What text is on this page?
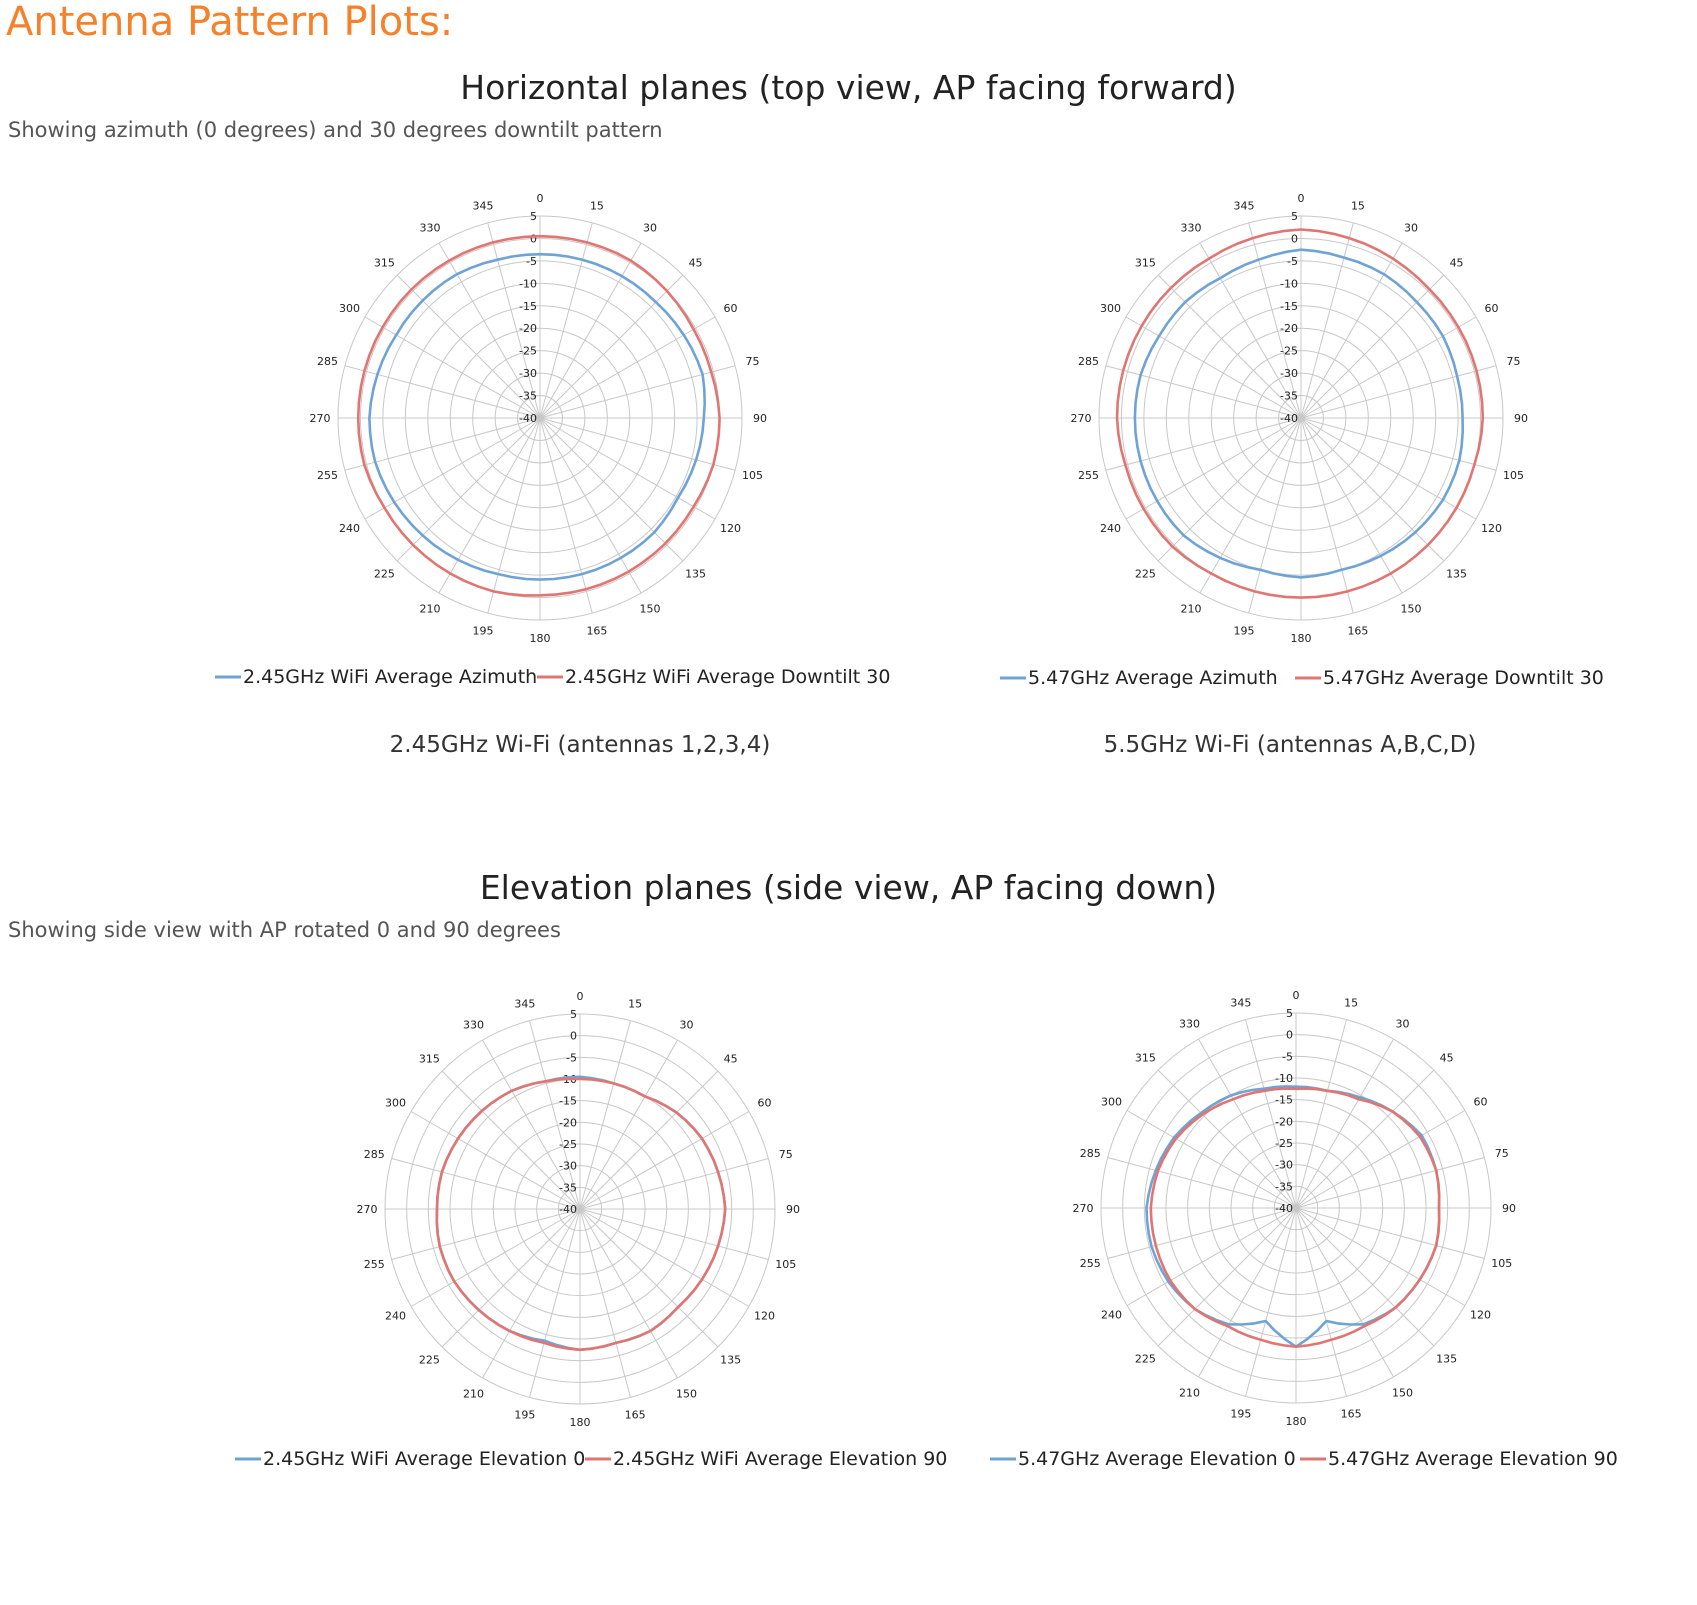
Antenna Pattern Plots:
Horizontal planes (top view, AP facing forward)

Showing azimuth (0 degrees) and 30 degrees downtilt pattern

0
15
30
45
60
75
90
105
120
135
150
165
180
195
210
225
240
255
270
285
300
315
330
345
-40
-35
-30
-25
-20
-15
-10
-5
0
5
2.45GHz WiFi Average Azimuth 2.45GHz WiFi Average Downtilt 30
0
15
30
45
60
75
90
105
120
135
150
165
180
195
210
225
240
255
270
285
300
315
330
345
-40
-35
-30
-25
-20
-15
-10
-5
0
5
5.47GHz Average Azimuth 5.47GHz Average Downtilt 30

2.45GHz Wi-Fi (antennas 1,2,3,4)	5.5GHz Wi-Fi (antennas A,B,C,D)

Elevation planes (side view, AP facing down)

Showing side view with AP rotated 0 and 90 degrees

0
15
30
45
60
75
90
105
120
135
150
165
180
195
210
225
240
255
270
285
300
315
330
345
-40
-35
-30
-25
-20
-15
-10
-5
0
5
2.45GHz WiFi Average Elevation 0 2.45GHz WiFi Average Elevation 90
0
15
30
45
60
75
90
105
120
135
150
165
180
195
210
225
240
255
270
285
300
315
330
345
-40
-35
-30
-25
-20
-15
-10
-5
0
5
5.47GHz Average Elevation 0 5.47GHz Average Elevation 90
